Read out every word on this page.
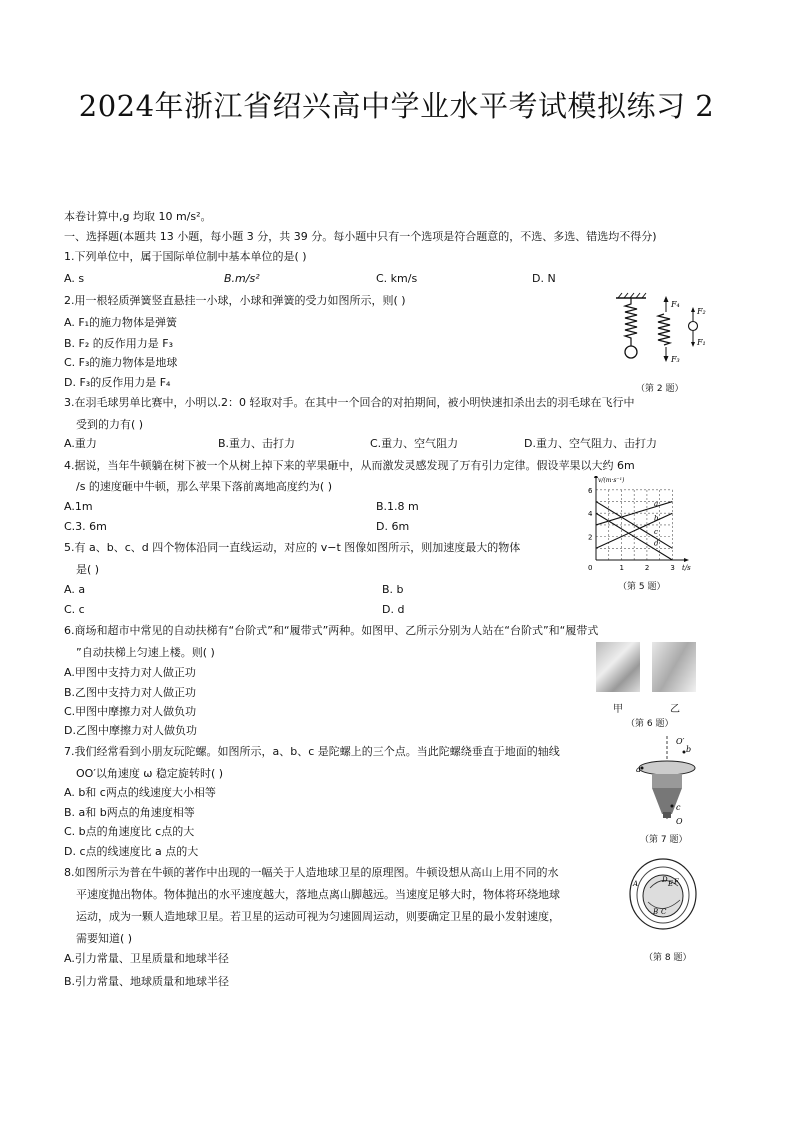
2024年浙江省绍兴高中学业水平考试模拟练习 2
本卷计算中,g 均取 10 m/s²。
一、选择题(本题共 13 小题，每小题 3 分，共 39 分。每小题中只有一个选项是符合题意的，不选、多选、错选均不得分)
1.下列单位中，属于国际单位制中基本单位的是( )
A. s	B.m/s²	C. km/s	D. N
2.用一根轻质弹簧竖直悬挂一小球，小球和弹簧的受力如图所示，则( )
A. F₁的施力物体是弹簧
B. F₂ 的反作用力是 F₃
C. F₃的施力物体是地球
D. F₃的反作用力是 F₄
F₄
F₃
F₂
F₁
（第 2 题）
3.在羽毛球男单比赛中，小明以.2：0 轻取对手。在其中一个回合的对拍期间，被小明快速扣杀出去的羽毛球在飞行中
受到的力有( )
A.重力	B.重力、击打力	C.重力、空气阻力	D.重力、空气阻力、击打力
4.据说，当年牛顿躺在树下被一个从树上掉下来的苹果砸中，从而激发灵感发现了万有引力定律。假设苹果以大约 6m
/s 的速度砸中牛顿，那么苹果下落前离地高度约为( )
A.1m	B.1.8 m
C.3. 6m	D. 6m
5.有 a、b、c、d 四个物体沿同一直线运动，对应的 v−t 图像如图所示，则加速度最大的物体
是( )
A. a	B. b
C. c	D. d
0	1	2	3
2
4
6
v/(m·s⁻¹)
t/s
a
b
c
d
（第 5 题）
6.商场和超市中常见的自动扶梯有“台阶式”和“履带式”两种。如图甲、乙所示分别为人站在“台阶式”和“履带式
”自动扶梯上匀速上楼。则( )
A.甲图中支持力对人做正功
B.乙图中支持力对人做正功
C.甲图中摩擦力对人做负功
D.乙图中摩擦力对人做负功
甲	乙
（第 6 题）
7.我们经常看到小朋友玩陀螺。如图所示，a、b、c 是陀螺上的三个点。当此陀螺绕垂直于地面的轴线
OO′以角速度 ω 稳定旋转时( )
A. b和 c两点的线速度大小相等
B. a和 b两点的角速度相等
C. b点的角速度比 c点的大
D. c点的线速度比 a 点的大
a
b
c
O′
O
（第 7 题）
8.如图所示为普在牛顿的著作中出现的一幅关于人造地球卫星的原理图。牛顿设想从高山上用不同的水
平速度抛出物体。物体抛出的水平速度越大，落地点离山脚越远。当速度足够大时，物体将环绕地球
运动，成为一颗人造地球卫星。若卫星的运动可视为匀速圆周运动，则要确定卫星的最小发射速度，
需要知道( )
A.引力常量、卫星质量和地球半径
B.引力常量、地球质量和地球半径
A	D E F
B C
（第 8 题）
